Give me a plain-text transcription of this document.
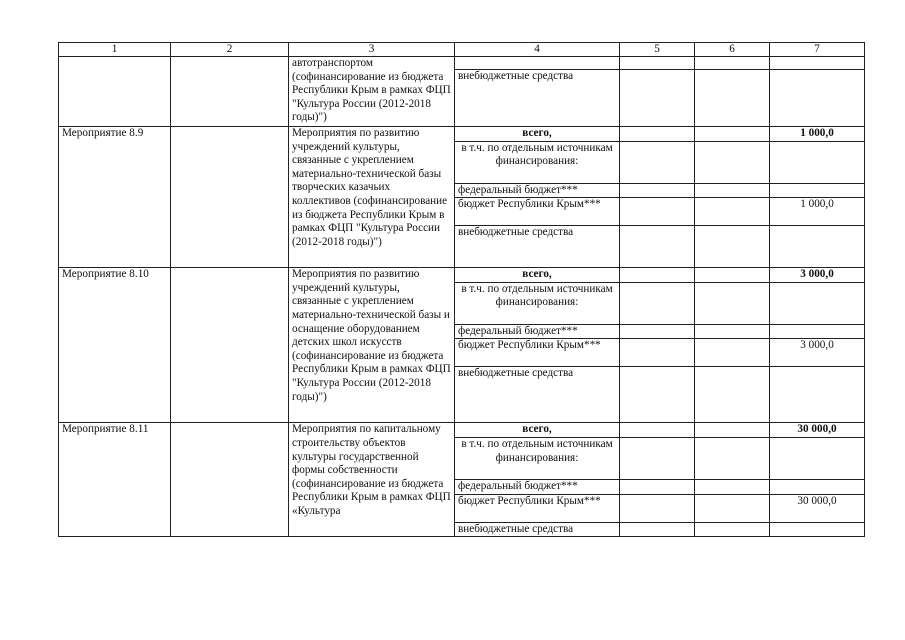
1	2	3	4	5	6	7
		автотранспортом (софинансирование из бюджета Республики Крым в рамках ФЦП "Культура России (2012-2018 годы)")				
			внебюджетные средства			
Мероприятие 8.9		Мероприятия по развитию учреждений культуры, связанные с укреплением материально-технической базы творческих казачьих коллективов (софинансирование из бюджета Республики Крым в рамках ФЦП "Культура России (2012-2018 годы)")	всего,			1 000,0
			в т.ч. по отдельным источникам финансирования:			
			федеральный бюджет***			
			бюджет Республики Крым***			1 000,0
			внебюджетные средства			
Мероприятие 8.10		Мероприятия по развитию учреждений культуры, связанные с укреплением материально-технической базы и оснащение оборудованием детских школ искусств (софинансирование из бюджета Республики Крым в рамках ФЦП "Культура России (2012-2018 годы)")	всего,			3 000,0
			в т.ч. по отдельным источникам финансирования:			
			федеральный бюджет***			
			бюджет Республики Крым***			3 000,0
			внебюджетные средства			
Мероприятие 8.11		Мероприятия по капитальному строительству объектов культуры государственной формы собственности (софинансирование из бюджета Республики Крым в рамках ФЦП «Культура	всего,			30 000,0
			в т.ч. по отдельным источникам финансирования:			
			федеральный бюджет***			
			бюджет Республики Крым***			30 000,0
			внебюджетные средства			
